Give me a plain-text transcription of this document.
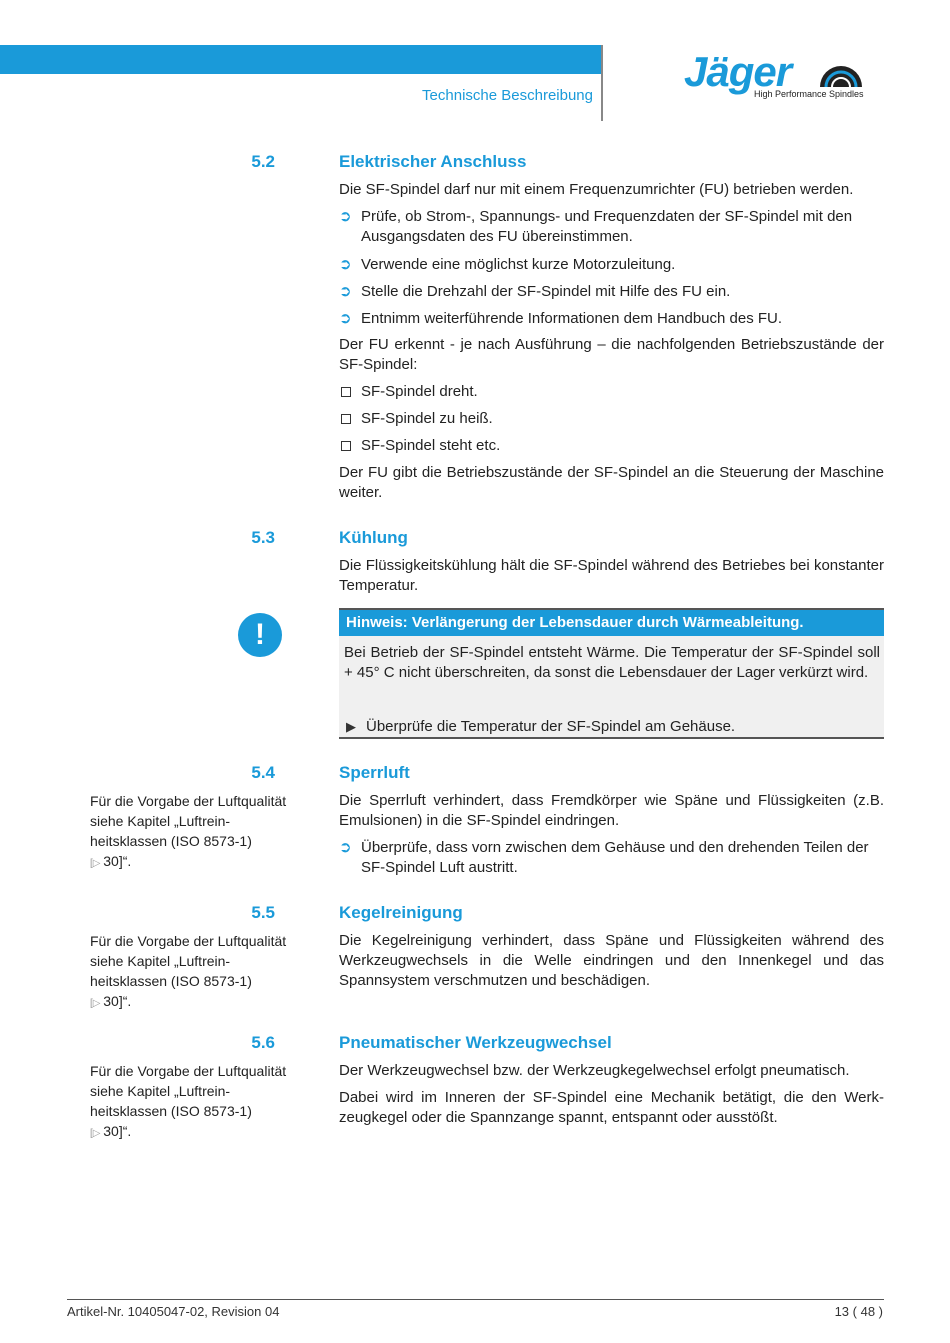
Technische Beschreibung
Jäger
High Performance Spindles
5.2	Elektrischer Anschluss
Die SF-Spindel darf nur mit einem Frequenzumrichter (FU) betrieben werden.
➲ Prüfe, ob Strom-, Spannungs- und Frequenzdaten der SF-Spindel mit den Ausgangsdaten des FU übereinstimmen.
➲ Verwende eine möglichst kurze Motorzuleitung.
➲ Stelle die Drehzahl der SF-Spindel mit Hilfe des FU ein.
➲ Entnimm weiterführende Informationen dem Handbuch des FU.
Der FU erkennt - je nach Ausführung – die nachfolgenden Betriebszustände der SF-Spindel:
SF-Spindel dreht.
SF-Spindel zu heiß.
SF-Spindel steht etc.
Der FU gibt die Betriebszustände der SF-Spindel an die Steuerung der Maschine weiter.
5.3	Kühlung
Die Flüssigkeitskühlung hält die SF-Spindel während des Betriebes bei konstanter Temperatur.
!	Hinweis: Verlängerung der Lebensdauer durch Wärmeableitung.
Bei Betrieb der SF-Spindel entsteht Wärme. Die Temperatur der SF-Spindel soll + 45° C nicht überschreiten, da sonst die Lebensdauer der Lager verkürzt wird.
▶ Überprüfe die Temperatur der SF-Spindel am Gehäuse.
5.4	Sperrluft
Für die Vorgabe der Luftqualität siehe Kapitel „Luftreinheitsklassen (ISO 8573-1)
[▷ 30]“.
Die Sperrluft verhindert, dass Fremdkörper wie Späne und Flüssigkeiten (z.B. Emulsionen) in die SF-Spindel eindringen.
➲ Überprüfe, dass vorn zwischen dem Gehäuse und den drehenden Teilen der SF-Spindel Luft austritt.
5.5	Kegelreinigung
Für die Vorgabe der Luftqualität siehe Kapitel „Luftreinheitsklassen (ISO 8573-1)
[▷ 30]“.
Die Kegelreinigung verhindert, dass Späne und Flüssigkeiten während des Werkzeugwechsels in die Welle eindringen und den Innenkegel und das Spannsystem verschmutzen und beschädigen.
5.6	Pneumatischer Werkzeugwechsel
Für die Vorgabe der Luftqualität siehe Kapitel „Luftreinheitsklassen (ISO 8573-1)
[▷ 30]“.
Der Werkzeugwechsel bzw. der Werkzeugkegelwechsel erfolgt pneumatisch.
Dabei wird im Inneren der SF-Spindel eine Mechanik betätigt, die den Werkzeugkegel oder die Spannzange spannt, entspannt oder ausstößt.
Artikel-Nr. 10405047-02, Revision 04	13 ( 48 )
